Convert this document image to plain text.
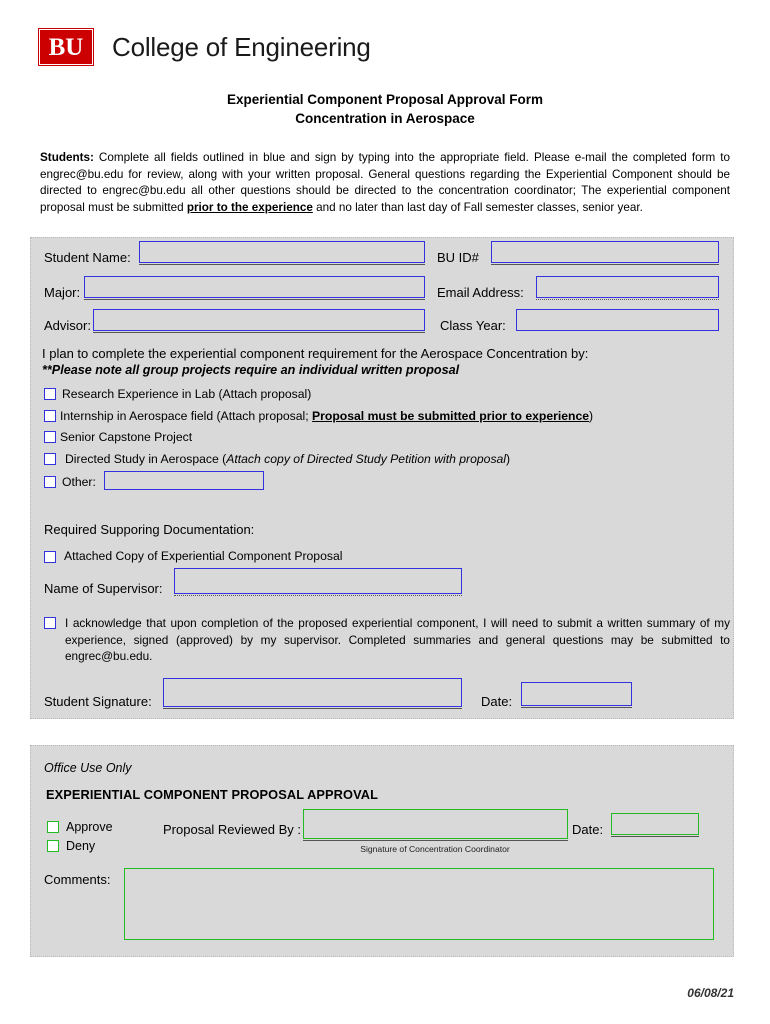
BU	College of Engineering
Experiential Component Proposal Approval Form
Concentration in Aerospace
Students: Complete all fields outlined in blue and sign by typing into the appropriate field. Please e-mail the completed form to engrec@bu.edu for review, along with your written proposal. General questions regarding the Experiential Component should be directed to engrec@bu.edu all other questions should be directed to the concentration coordinator; The experiential component proposal must be submitted prior to the experience and no later than last day of Fall semester classes, senior year.
Student Name:	BU ID#
Major:	Email Address:
Advisor:	Class Year:
I plan to complete the experiential component requirement for the Aerospace Concentration by:
**Please note all group projects require an individual written proposal
Research Experience in Lab (Attach proposal)
Internship in Aerospace field (Attach proposal; Proposal must be submitted prior to experience)
Senior Capstone Project
Directed Study in Aerospace (Attach copy of Directed Study Petition with proposal)
Other:
Required Supporing Documentation:
Attached Copy of Experiential Component Proposal
Name of Supervisor:
I acknowledge that upon completion of the proposed experiential component, I will need to submit a written summary of my experience, signed (approved) by my supervisor. Completed summaries and general questions may be submitted to engrec@bu.edu.
Student Signature:	Date:
Office Use Only
EXPERIENTIAL COMPONENT PROPOSAL APPROVAL
Approve
Deny
Proposal Reviewed By :
Signature of Concentration Coordinator
Date:
Comments:
06/08/21
